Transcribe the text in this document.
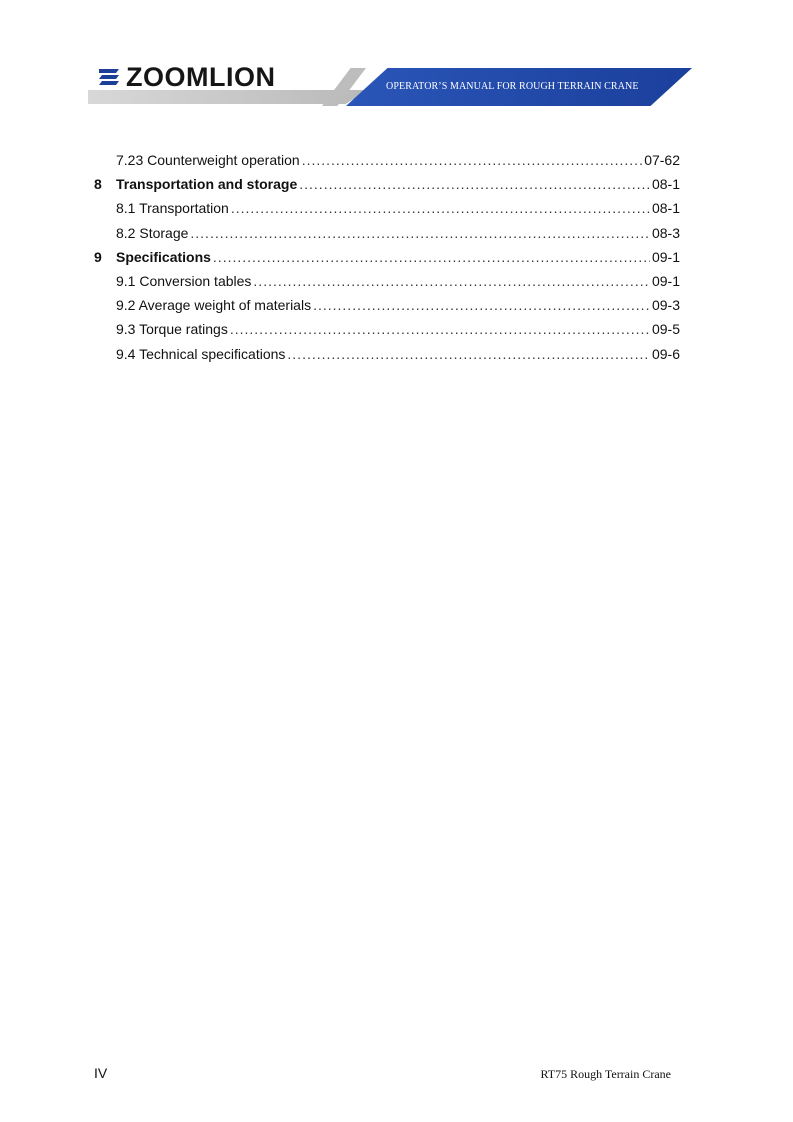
OPERATOR’S MANUAL FOR ROUGH TERRAIN CRANE
ZOOMLION
7.23 Counterweight operation .....	07-62
8	Transportation and storage .....	08-1
8.1 Transportation .....	08-1
8.2 Storage .....	08-3
9	Specifications .....	09-1
9.1 Conversion tables .....	09-1
9.2 Average weight of materials .....	09-3
9.3 Torque ratings .....	09-5
9.4 Technical specifications .....	09-6
IV	RT75 Rough Terrain Crane
